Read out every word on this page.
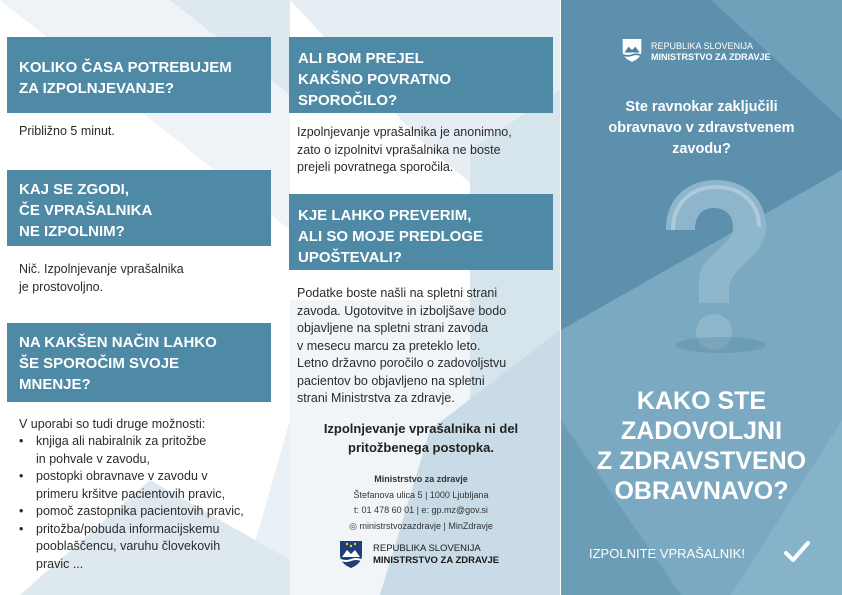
KOLIKO ČASA POTREBUJEM
ZA IZPOLNJEVANJE?
Približno 5 minut.
KAJ SE ZGODI,
ČE VPRAŠALNIKA
NE IZPOLNIM?
Nič. Izpolnjevanje vprašalnika
je prostovoljno.
NA KAKŠEN NAČIN LAHKO
ŠE SPOROČIM SVOJE
MNENJE?
V uporabi so tudi druge možnosti:
• knjiga ali nabiralnik za pritožbe
in pohvale v zavodu,
• postopki obravnave v zavodu v
primeru kršitve pacientovih pravic,
• pomoč zastopnika pacientovih pravic,
• pritožba/pobuda informacijskemu
pooblaščencu, varuhu človekovih
pravic ...
ALI BOM PREJEL
KAKŠNO POVRATNO
SPOROČILO?
Izpolnjevanje vprašalnika je anonimno,
zato o izpolnitvi vprašalnika ne boste
prejeli povratnega sporočila.
KJE LAHKO PREVERIM,
ALI SO MOJE PREDLOGE
UPOŠTEVALI?
Podatke boste našli na spletni strani
zavoda. Ugotovitve in izboljšave bodo
objavljene na spletni strani zavoda
v mesecu marcu za preteklo leto.
Letno državno poročilo o zadovoljstvu
pacientov bo objavljeno na spletni
strani Ministrstva za zdravje.
Izpolnjevanje vprašalnika ni del
pritožbenega postopka.
Ministrstvo za zdravje
Štefanova ulica 5 | 1000 Ljubljana
t: 01 478 60 01 | e: gp.mz@gov.si
◎ ministrstvozazdravje | MinZdravje
REPUBLIKA SLOVENIJA
MINISTRSTVO ZA ZDRAVJE
REPUBLIKA SLOVENIJA
MINISTRSTVO ZA ZDRAVJE
Ste ravnokar zaključili
obravnavo v zdravstvenem
zavodu?
KAKO STE
ZADOVOLJNI
Z ZDRAVSTVENO
OBRAVNAVO?
IZPOLNITE VPRAŠALNIK!
